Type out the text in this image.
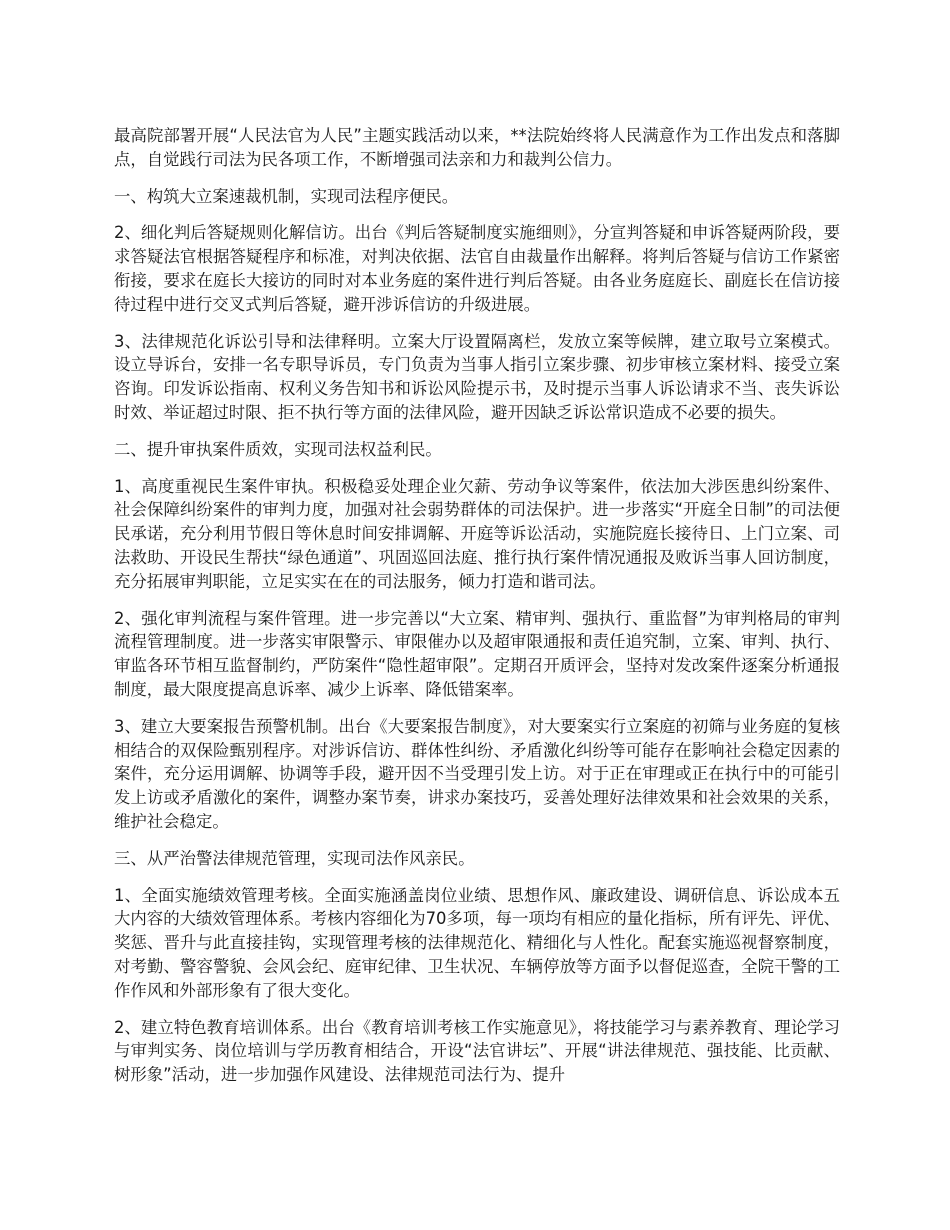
最高院部署开展“人民法官为人民”主题实践活动以来，**法院始终将人民满意作为工作出发点和落脚点，自觉践行司法为民各项工作，不断增强司法亲和力和裁判公信力。

一、构筑大立案速裁机制，实现司法程序便民。

2、细化判后答疑规则化解信访。出台《判后答疑制度实施细则》，分宣判答疑和申诉答疑两阶段，要求答疑法官根据答疑程序和标准，对判决依据、法官自由裁量作出解释。将判后答疑与信访工作紧密衔接，要求在庭长大接访的同时对本业务庭的案件进行判后答疑。由各业务庭庭长、副庭长在信访接待过程中进行交叉式判后答疑，避开涉诉信访的升级进展。

3、法律规范化诉讼引导和法律释明。立案大厅设置隔离栏，发放立案等候牌，建立取号立案模式。设立导诉台，安排一名专职导诉员，专门负责为当事人指引立案步骤、初步审核立案材料、接受立案咨询。印发诉讼指南、权利义务告知书和诉讼风险提示书，及时提示当事人诉讼请求不当、丧失诉讼时效、举证超过时限、拒不执行等方面的法律风险，避开因缺乏诉讼常识造成不必要的损失。

二、提升审执案件质效，实现司法权益利民。

1、高度重视民生案件审执。积极稳妥处理企业欠薪、劳动争议等案件，依法加大涉医患纠纷案件、社会保障纠纷案件的审判力度，加强对社会弱势群体的司法保护。进一步落实“开庭全日制”的司法便民承诺，充分利用节假日等休息时间安排调解、开庭等诉讼活动，实施院庭长接待日、上门立案、司法救助、开设民生帮扶“绿色通道”、巩固巡回法庭、推行执行案件情况通报及败诉当事人回访制度，充分拓展审判职能，立足实实在在的司法服务，倾力打造和谐司法。

2、强化审判流程与案件管理。进一步完善以“大立案、精审判、强执行、重监督”为审判格局的审判流程管理制度。进一步落实审限警示、审限催办以及超审限通报和责任追究制，立案、审判、执行、审监各环节相互监督制约，严防案件“隐性超审限”。定期召开质评会，坚持对发改案件逐案分析通报制度，最大限度提高息诉率、减少上诉率、降低错案率。

3、建立大要案报告预警机制。出台《大要案报告制度》，对大要案实行立案庭的初筛与业务庭的复核相结合的双保险甄别程序。对涉诉信访、群体性纠纷、矛盾激化纠纷等可能存在影响社会稳定因素的案件，充分运用调解、协调等手段，避开因不当受理引发上访。对于正在审理或正在执行中的可能引发上访或矛盾激化的案件，调整办案节奏，讲求办案技巧，妥善处理好法律效果和社会效果的关系，维护社会稳定。

三、从严治警法律规范管理，实现司法作风亲民。

1、全面实施绩效管理考核。全面实施涵盖岗位业绩、思想作风、廉政建设、调研信息、诉讼成本五大内容的大绩效管理体系。考核内容细化为70多项，每一项均有相应的量化指标，所有评先、评优、奖惩、晋升与此直接挂钩，实现管理考核的法律规范化、精细化与人性化。配套实施巡视督察制度，对考勤、警容警貌、会风会纪、庭审纪律、卫生状况、车辆停放等方面予以督促巡查，全院干警的工作作风和外部形象有了很大变化。

2、建立特色教育培训体系。出台《教育培训考核工作实施意见》，将技能学习与素养教育、理论学习与审判实务、岗位培训与学历教育相结合，开设“法官讲坛”、开展“讲法律规范、强技能、比贡献、树形象”活动，进一步加强作风建设、法律规范司法行为、提升
